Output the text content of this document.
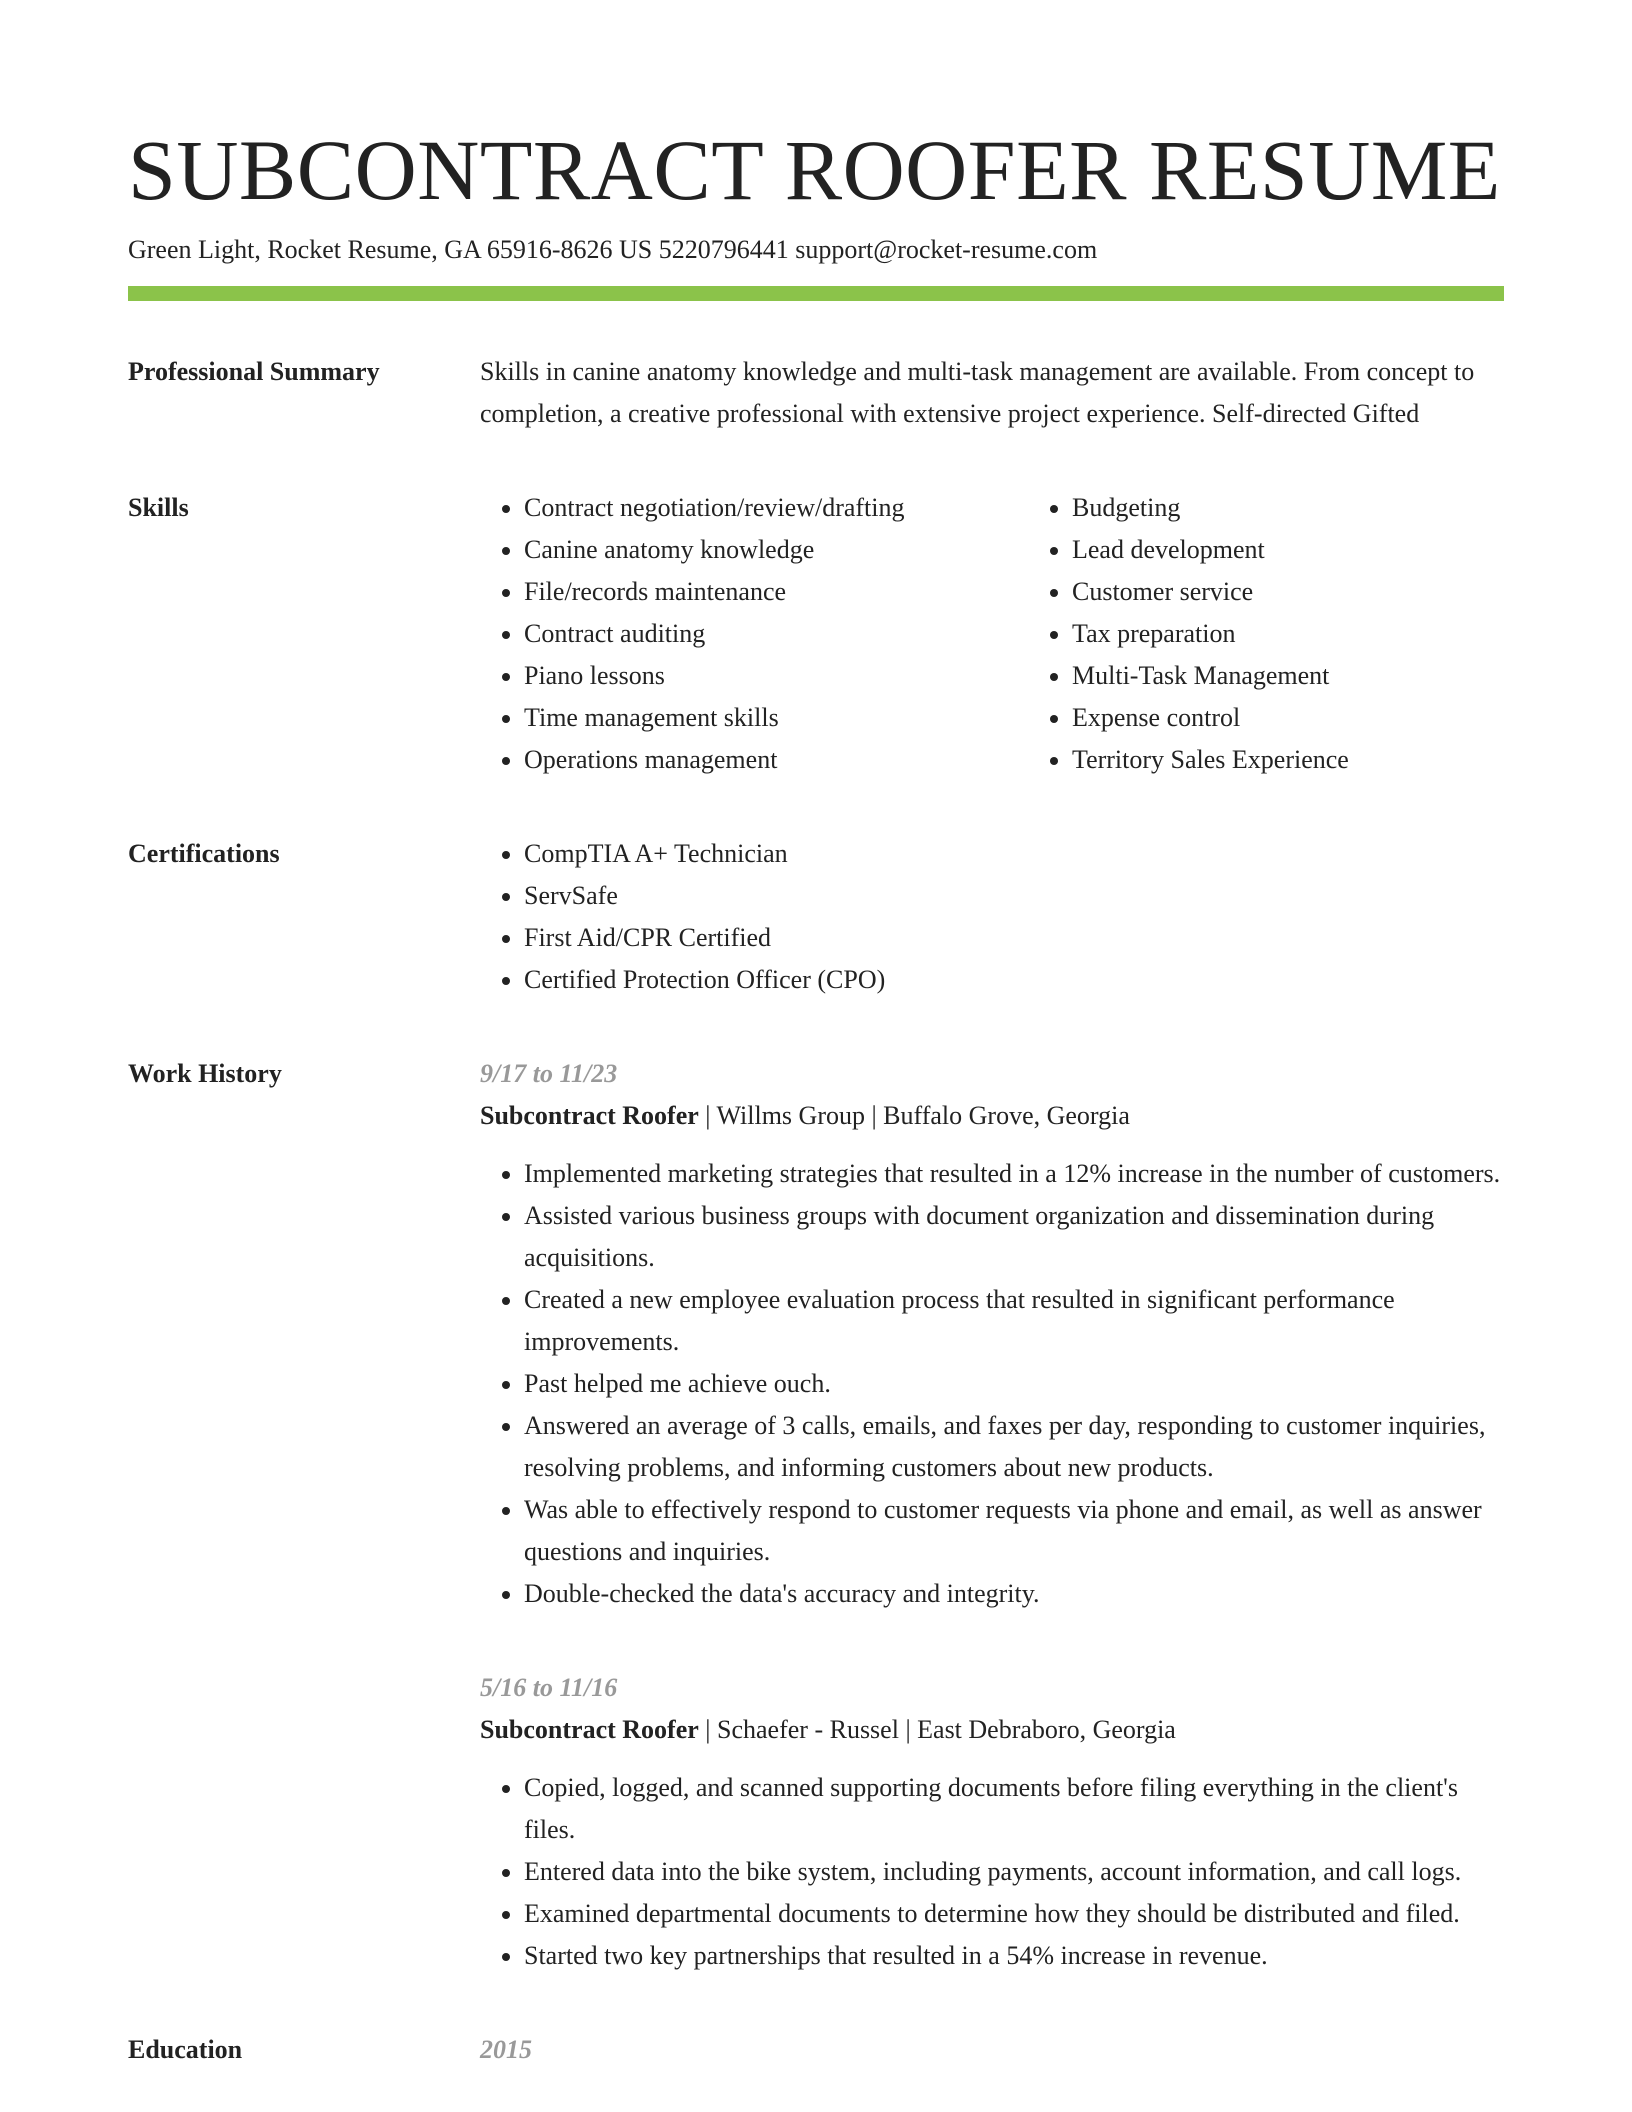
SUBCONTRACT ROOFER RESUME
Green Light, Rocket Resume, GA 65916-8626 US 5220796441 support@rocket-resume.com
Professional Summary	Skills in canine anatomy knowledge and multi-task management are available. From concept to completion, a creative professional with extensive project experience. Self-directed Gifted

Skills	• Contract negotiation/review/drafting
• Canine anatomy knowledge
• File/records maintenance
• Contract auditing
• Piano lessons
• Time management skills
• Operations management
• Budgeting
• Lead development
• Customer service
• Tax preparation
• Multi-Task Management
• Expense control
• Territory Sales Experience
Certifications	• CompTIA A+ Technician
• ServSafe
• First Aid/CPR Certified
• Certified Protection Officer (CPO)
Work History	9/17 to 11/23
Subcontract Roofer | Willms Group | Buffalo Grove, Georgia
• Implemented marketing strategies that resulted in a 12% increase in the number of customers.
• Assisted various business groups with document organization and dissemination during acquisitions.
• Created a new employee evaluation process that resulted in significant performance improvements.
• Past helped me achieve ouch.
• Answered an average of 3 calls, emails, and faxes per day, responding to customer inquiries, resolving problems, and informing customers about new products.
• Was able to effectively respond to customer requests via phone and email, as well as answer questions and inquiries.
• Double-checked the data's accuracy and integrity.
5/16 to 11/16
Subcontract Roofer | Schaefer - Russel | East Debraboro, Georgia
• Copied, logged, and scanned supporting documents before filing everything in the client's files.
• Entered data into the bike system, including payments, account information, and call logs.
• Examined departmental documents to determine how they should be distributed and filed.
• Started two key partnerships that resulted in a 54% increase in revenue.
Education	2015
